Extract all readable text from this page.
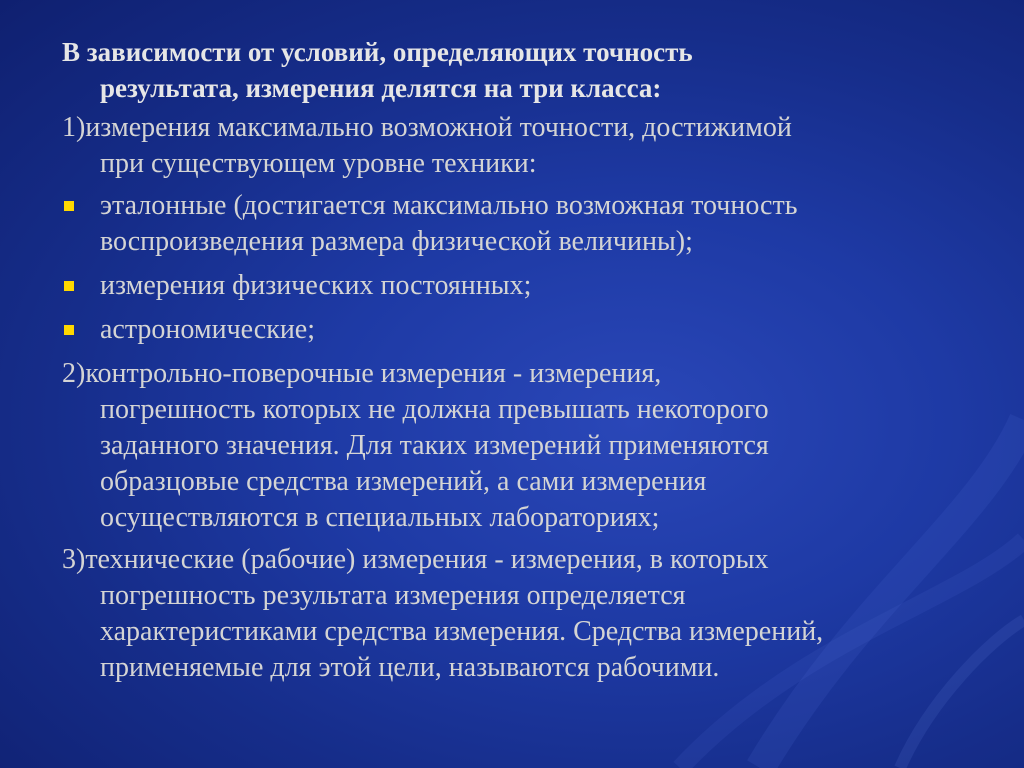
В зависимости от условий, определяющих точность
результата, измерения делятся на три класса:
1)измерения максимально возможной точности, достижимой
при существующем уровне техники:
эталонные (достигается максимально возможная точность
воспроизведения размера физической величины);
измерения физических постоянных;
астрономические;
2)контрольно-поверочные измерения - измерения,
погрешность которых не должна превышать некоторого
заданного значения. Для таких измерений применяются
образцовые средства измерений, а сами измерения
осуществляются в специальных лабораториях;
3)технические (рабочие) измерения - измерения, в которых
погрешность результата измерения определяется
характеристиками средства измерения. Средства измерений,
применяемые для этой цели, называются рабочими.
